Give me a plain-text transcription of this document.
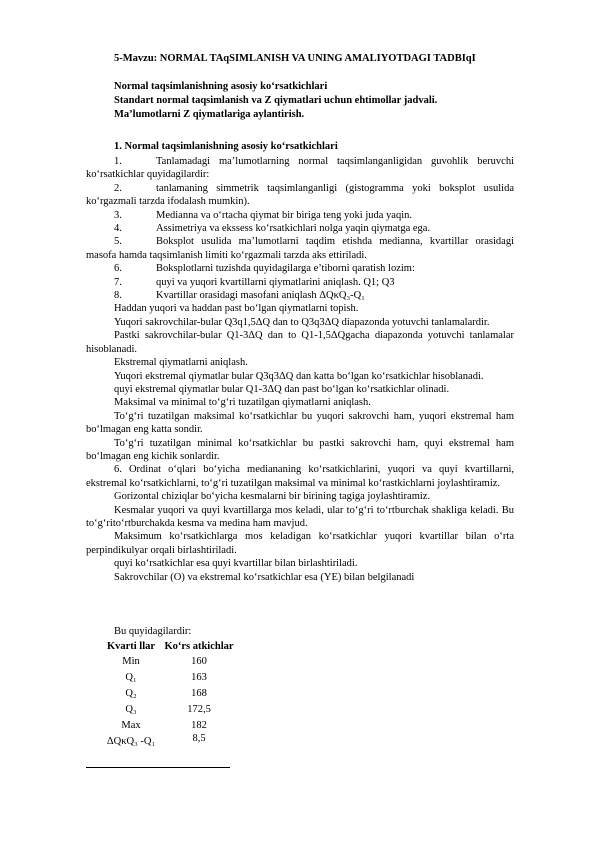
5-Mavzu: NORMAL TAqSIMLANISH VA UNING AMALIYOTDAGI TADBIqI
Normal taqsimlanishning asosiy ko‘rsatkichlari
Standart normal taqsimlanish va Z qiymatlari uchun ehtimollar jadvali.
Ma’lumotlarni Z qiymatlariga aylantirish.
1. Normal taqsimlanishning asosiy ko‘rsatkichlari
1.	Tanlamadagi ma’lumotlarning normal taqsimlanganligidan guvohlik beruvchi ko‘rsatkichlar quyidagilardir:
2.	tanlamaning simmetrik taqsimlanganligi (gistogramma yoki boksplot usulida ko‘rgazmali tarzda ifodalash mumkin).
3.	Medianna va o‘rtacha qiymat bir biriga teng yoki juda yaqin.
4.	Assimetriya va ekssess ko‘rsatkichlari nolga yaqin qiymatga ega.
5.	Boksplot usulida ma’lumotlarni taqdim etishda medianna, kvartillar orasidagi masofa hamda taqsimlanish limiti ko‘rgazmali tarzda aks ettiriladi.
6.	Boksplotlarni tuzishda quyidagilarga e’tiborni qaratish lozim:
7.	quyi va yuqori kvartillarni qiymatlarini aniqlash. Q1; Q3
8.	Kvartillar orasidagi masofani aniqlash ΔQκQ₃-Q₁

Haddan yuqori va haddan past bo‘lgan qiymatlarni topish.

Yuqori sakrovchilar-bular Q3q1,5ΔQ dan to Q3q3ΔQ diapazonda yotuvchi tanlamalardir.

Pastki sakrovchilar-bular Q1-3ΔQ dan to Q1-1,5ΔQgacha diapazonda yotuvchi tanlamalar hisoblanadi.

Ekstremal qiymatlarni aniqlash.

Yuqori ekstremal qiymatlar bular Q3q3ΔQ dan katta bo‘lgan ko‘rsatkichlar hisoblanadi.

quyi ekstremal qiymatlar bular Q1-3ΔQ dan past bo‘lgan ko‘rsatkichlar olinadi.

Maksimal va minimal to‘g‘ri tuzatilgan qiymatlarni aniqlash.

To‘g‘ri tuzatilgan maksimal ko‘rsatkichlar bu yuqori sakrovchi ham, yuqori ekstremal ham bo‘lmagan eng katta sondir.

To‘g‘ri tuzatilgan minimal ko‘rsatkichlar bu pastki sakrovchi ham, quyi ekstremal ham bo‘lmagan eng kichik sonlardir.

6. Ordinat o‘qlari bo‘yicha mediananing ko‘rsatkichlarini, yuqori va quyi kvartillarni, ekstremal ko‘rsatkichlarni, to‘g‘ri tuzatilgan maksimal va minimal ko‘rastkichlarni joylashtiramiz.

Gorizontal chiziqlar bo‘yicha kesmalarni bir birining tagiga joylashtiramiz.

Kesmalar yuqori va quyi kvartillarga mos keladi, ular to‘g‘ri to‘rtburchak shakliga keladi. Bu to‘g‘rito‘rtburchakda kesma va medina ham mavjud.

Maksimum ko‘rsatkichlarga mos keladigan ko‘rsatkichlar yuqori kvartillar bilan o‘rta perpindikulyar orqali birlashtiriladi.

quyi ko‘rsatkichlar esa quyi kvartillar bilan birlashtiriladi.

Sakrovchilar (O) va ekstremal ko‘rsatkichlar esa (YE) bilan belgilanadi

Bu quyidagilardir:
Kvarti llar	Ko‘rs atkichlar
Min	160
Q₁	163
Q₂	168
Q₃	172,5
Max	182
ΔQκQ₃ -Q₁	8,5
